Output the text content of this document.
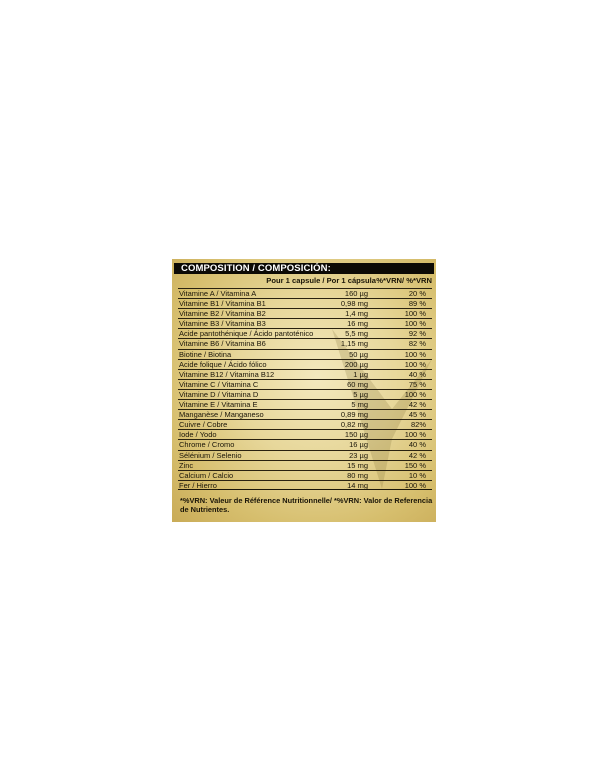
COMPOSITION / COMPOSICIÓN:
Pour 1 capsule / Por 1 cápsula %*VRN/ %*VRN
Vitamine A / Vitamina A	160 µg	20 %
Vitamine B1 / Vitamina B1	0,98 mg	89 %
Vitamine B2 / Vitamina B2	1,4 mg	100 %
Vitamine B3 / Vitamina B3	16 mg	100 %
Acide pantothénique / Ácido pantoténico	5,5 mg	92 %
Vitamine B6 / Vitamina B6	1,15 mg	82 %
Biotine / Biotina	50 µg	100 %
Acide folique / Ácido fólico	200 µg	100 %
Vitamine B12 / Vitamina B12	1 µg	40 %
Vitamine C / Vitamina C	60 mg	75 %
Vitamine D / Vitamina D	5 µg	100 %
Vitamine E / Vitamina E	5 mg	42 %
Manganèse / Manganeso	0,89 mg	45 %
Cuivre / Cobre	0,82 mg	82%
Iode / Yodo	150 µg	100 %
Chrome / Cromo	16 µg	40 %
Sélénium / Selenio	23 µg	42 %
Zinc	15 mg	150 %
Calcium / Calcio	80 mg	10 %
Fer / Hierro	14 mg	100 %
*%VRN: Valeur de Référence Nutritionnelle/ *%VRN: Valor de Referencia de Nutrientes.
